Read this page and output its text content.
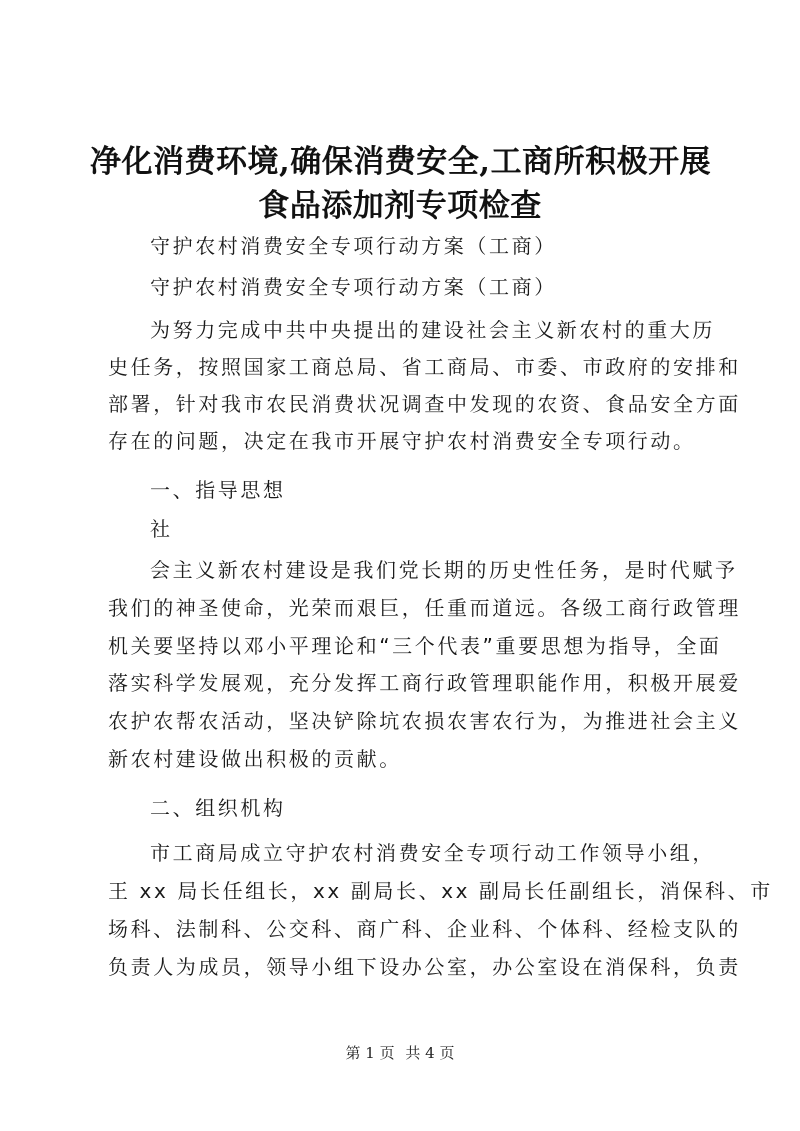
净化消费环境,确保消费安全,工商所积极开展
食品添加剂专项检查
守护农村消费安全专项行动方案（工商）
守护农村消费安全专项行动方案（工商）
为努力完成中共中央提出的建设社会主义新农村的重大历
史任务，按照国家工商总局、省工商局、市委、市政府的安排和
部署，针对我市农民消费状况调查中发现的农资、食品安全方面
存在的问题，决定在我市开展守护农村消费安全专项行动。
一、指导思想
社
会主义新农村建设是我们党长期的历史性任务，是时代赋予
我们的神圣使命，光荣而艰巨，任重而道远。各级工商行政管理
机关要坚持以邓小平理论和“三个代表”重要思想为指导，全面
落实科学发展观，充分发挥工商行政管理职能作用，积极开展爱
农护农帮农活动，坚决铲除坑农损农害农行为，为推进社会主义
新农村建设做出积极的贡献。
二、组织机构
市工商局成立守护农村消费安全专项行动工作领导小组，
王 xx 局长任组长，xx 副局长、xx 副局长任副组长，消保科、市
场科、法制科、公交科、商广科、企业科、个体科、经检支队的
负责人为成员，领导小组下设办公室，办公室设在消保科，负责
第 1 页 共 4 页
